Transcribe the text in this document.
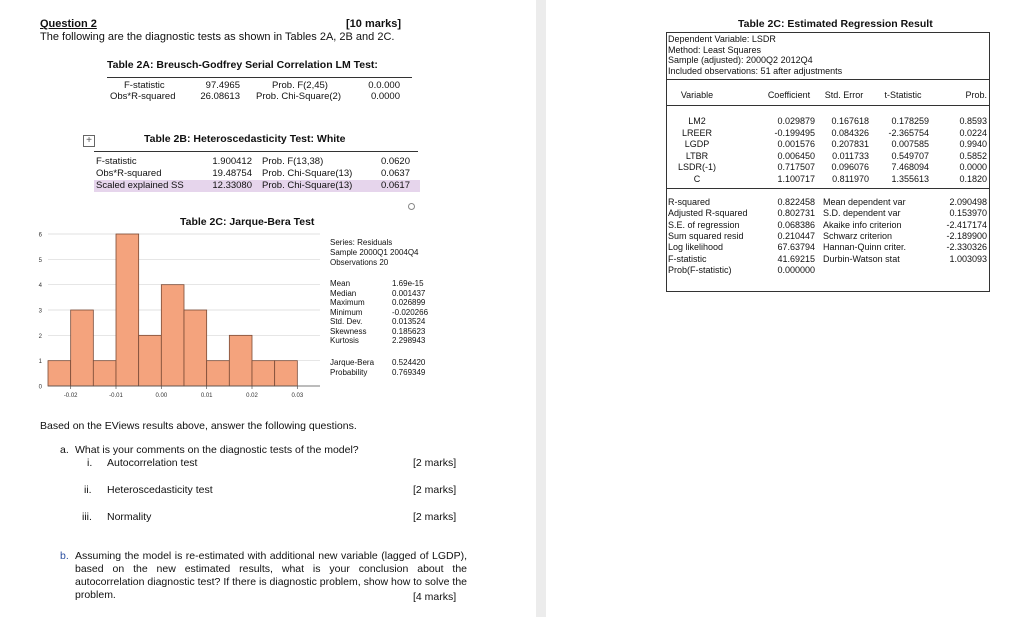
Question 2	[10 marks]
The following are the diagnostic tests as shown in Tables 2A, 2B and 2C.
Table 2A: Breusch-Godfrey Serial Correlation LM Test:
F-statistic	97.4965	Prob. F(2,45)	0.0.000
Obs*R-squared	26.08613 Prob. Chi-Square(2)	0.0000
+	Table 2B: Heteroscedasticity Test: White
F-statistic	1.900412 Prob. F(13,38)	0.0620
Obs*R-squared	19.48754 Prob. Chi-Square(13)	0.0637
Scaled explained SS	12.33080 Prob. Chi-Square(13)	0.0617
Table 2C: Jarque-Bera Test
0
1
2
3
4
5
6
-0.02	-0.01	0.00	0.01	0.02	0.03
Series: Residuals
Sample 2000Q1 2004Q4
Observations 20
Mean	1.69e-15
Median	0.001437
Maximum	0.026899
Minimum	-0.020266
Std. Dev.	0.013524
Skewness	0.185623
Kurtosis	2.298943
Jarque-Bera 0.524420
Probability	0.769349
Based on the EViews results above, answer the following questions.
a. What is your comments on the diagnostic tests of the model?
i. Autocorrelation test	[2 marks]
ii. Heteroscedasticity test	[2 marks]
iii. Normality	[2 marks]
b. Assuming the model is re-estimated with additional new variable (lagged of LGDP), based on the new estimated results, what is your conclusion about the autocorrelation diagnostic test? If there is diagnostic problem, show how to solve the problem.	[4 marks]
Table 2C: Estimated Regression Result
Dependent Variable: LSDR
Method: Least Squares
Sample (adjusted): 2000Q2 2012Q4
Included observations: 51 after adjustments
Variable	Coefficient	Std. Error	t-Statistic	Prob.
LM2	0.029879	0.167618	0.178259	0.8593
LREER	-0.199495	0.084326	-2.365754	0.0224
LGDP	0.001576	0.207831	0.007585	0.9940
LTBR	0.006450	0.011733	0.549707	0.5852
LSDR(-1)	0.717507	0.096076	7.468094	0.0000
C	1.100717	0.811970	1.355613	0.1820
R-squared	0.822458 Mean dependent var	2.090498
Adjusted R-squared	0.802731 S.D. dependent var	0.153970
S.E. of regression	0.068386 Akaike info criterion	-2.417174
Sum squared resid	0.210447 Schwarz criterion	-2.189900
Log likelihood	67.63794 Hannan-Quinn criter.	-2.330326
F-statistic	41.69215 Durbin-Watson stat	1.003093
Prob(F-statistic)	0.000000
